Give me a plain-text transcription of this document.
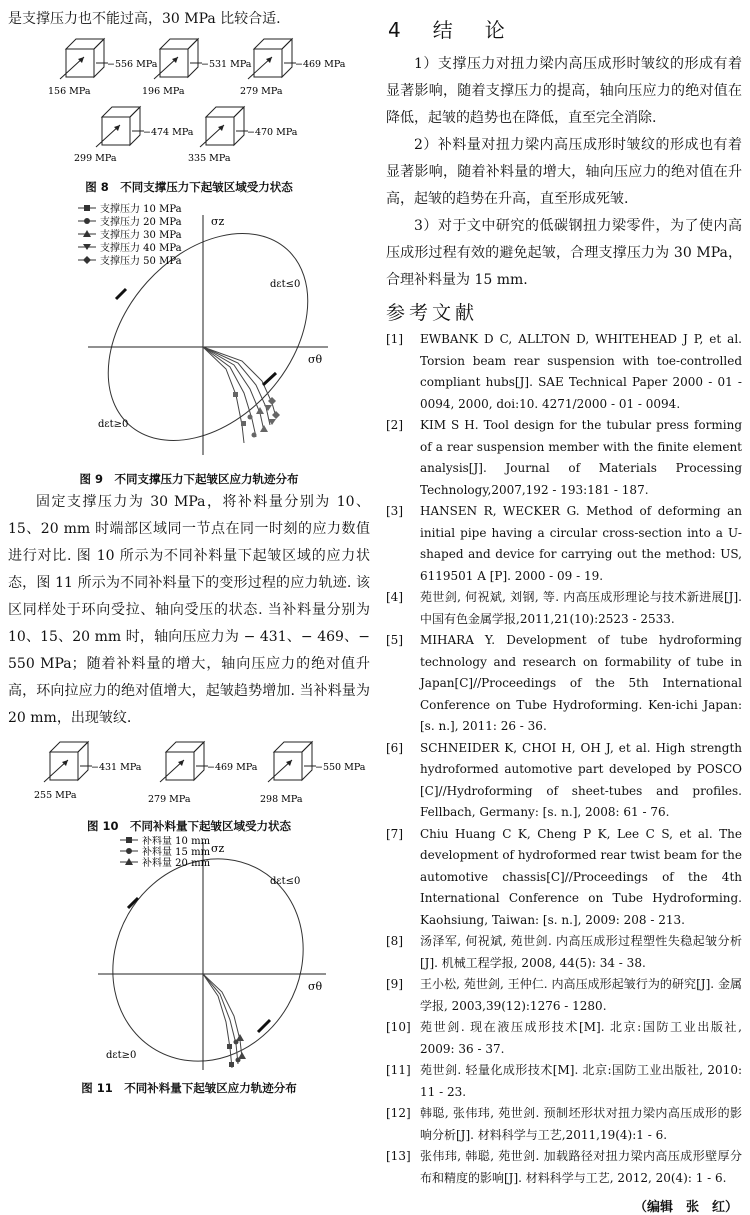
是支撑压力也不能过高，30 MPa 比较合适.

−556 MPa
156 MPa
−531 MPa
196 MPa
−469 MPa
279 MPa
−474 MPa
299 MPa
−470 MPa
335 MPa
图 8　不同支撑压力下起皱区域受力状态
σz
σθ
dεt≤0
dεt≥0
支撑压力 10 MPa
支撑压力 20 MPa
支撑压力 30 MPa
支撑压力 40 MPa
支撑压力 50 MPa
图 9　不同支撑压力下起皱区应力轨迹分布

固定支撑压力为 30 MPa，将补料量分别为 10、15、20 mm 时端部区域同一节点在同一时刻的应力数值进行对比. 图 10 所示为不同补料量下起皱区域的应力状态，图 11 所示为不同补料量下的变形过程的应力轨迹. 该区同样处于环向受拉、轴向受压的状态. 当补料量分别为 10、15、20 mm 时，轴向压应力为 − 431、− 469、− 550 MPa；随着补料量的增大，轴向压应力的绝对值升高，环向拉应力的绝对值增大，起皱趋势增加. 当补料量为 20 mm，出现皱纹.

−431 MPa
255 MPa
−469 MPa
279 MPa
−550 MPa
298 MPa
图 10　不同补料量下起皱区域受力状态
σz
σθ
dεt≤0
dεt≥0
补料量 10 mm
补料量 15 mm
补料量 20 mm
图 11　不同补料量下起皱区应力轨迹分布
4　结　论

1）支撑压力对扭力梁内高压成形时皱纹的形成有着显著影响，随着支撑压力的提高，轴向压应力的绝对值在降低，起皱的趋势也在降低，直至完全消除.

2）补料量对扭力梁内高压成形时皱纹的形成也有着显著影响，随着补料量的增大，轴向压应力的绝对值在升高，起皱的趋势在升高，直至形成死皱.

3）对于文中研究的低碳钢扭力梁零件，为了使内高压成形过程有效的避免起皱，合理支撑压力为 30 MPa，合理补料量为 15 mm.

参考文献
[1]	EWBANK D C, ALLTON D, WHITEHEAD J P, et al. Torsion beam rear suspension with toe-controlled compliant hubs[J]. SAE Technical Paper 2000 - 01 - 0094, 2000, doi:10. 4271/2000 - 01 - 0094.
[2]	KIM S H. Tool design for the tubular press forming of a rear suspension member with the finite element analysis[J]. Journal of Materials Processing Technology,2007,192 - 193:181 - 187.
[3]	HANSEN R, WECKER G. Method of deforming an initial pipe having a circular cross-section into a U-shaped and device for carrying out the method: US, 6119501 A [P]. 2000 - 09 - 19.
[4]	苑世剑, 何祝斌, 刘钢, 等. 内高压成形理论与技术新进展[J]. 中国有色金属学报,2011,21(10):2523 - 2533.
[5]	MIHARA Y. Development of tube hydroforming technology and research on formability of tube in Japan[C]//Proceedings of the 5th International Conference on Tube Hydroforming. Ken-ichi Japan: [s. n.], 2011: 26 - 36.
[6]	SCHNEIDER K, CHOI H, OH J, et al. High strength hydroformed automotive part developed by POSCO [C]//Hydroforming of sheet-tubes and profiles. Fellbach, Germany: [s. n.], 2008: 61 - 76.
[7]	Chiu Huang C K, Cheng P K, Lee C S, et al. The development of hydroformed rear twist beam for the automotive chassis[C]//Proceedings of the 4th International Conference on Tube Hydroforming. Kaohsiung, Taiwan: [s. n.], 2009: 208 - 213.
[8]	汤泽军, 何祝斌, 苑世剑. 内高压成形过程塑性失稳起皱分析[J]. 机械工程学报, 2008, 44(5): 34 - 38.
[9]	王小松, 苑世剑, 王仲仁. 内高压成形起皱行为的研究[J]. 金属学报, 2003,39(12):1276 - 1280.
[10] 苑世剑. 现在液压成形技术[M]. 北京:国防工业出版社, 2009: 36 - 37.
[11] 苑世剑. 轻量化成形技术[M]. 北京:国防工业出版社, 2010: 11 - 23.
[12] 韩聪, 张伟玮, 苑世剑. 预制坯形状对扭力梁内高压成形的影响分析[J]. 材料科学与工艺,2011,19(4):1 - 6.
[13] 张伟玮, 韩聪, 苑世剑. 加载路径对扭力梁内高压成形壁厚分布和精度的影响[J]. 材料科学与工艺, 2012, 20(4): 1 - 6.
（编辑　张　红）
